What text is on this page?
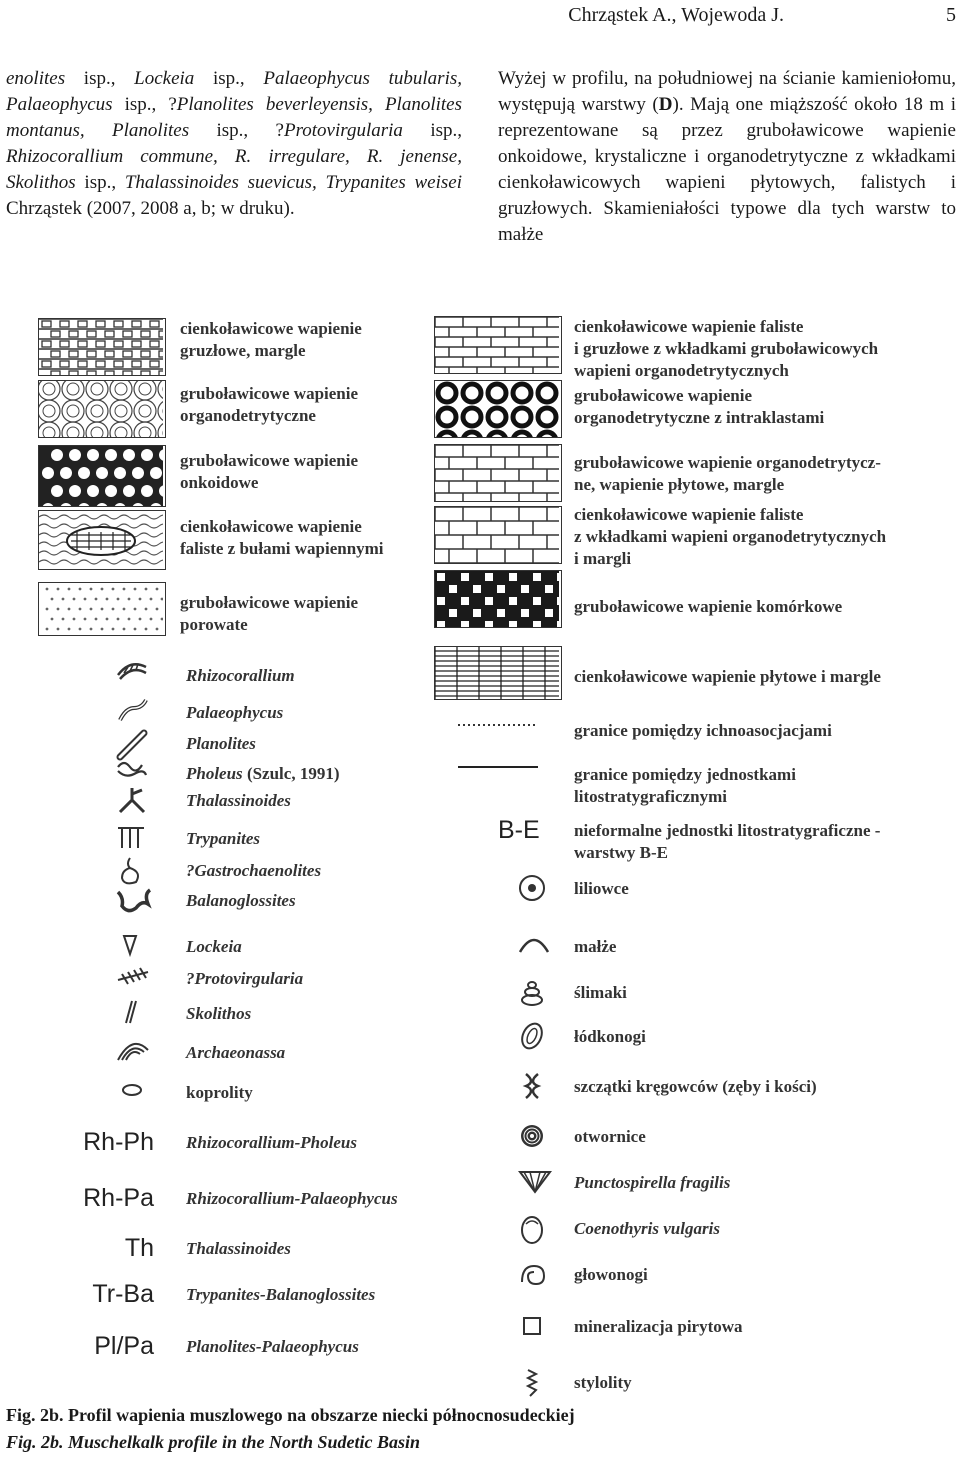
Chrząstek A., Wojewoda J.	5
enolites isp., Lockeia isp., Palaeophycus tubularis, Palaeophycus isp., ?Planolites beverleyensis, Planolites montanus, Planolites isp., ?Protovirgularia isp., Rhizocorallium commune, R. irregulare, R. jenense, Skolithos isp., Thalassinoides suevicus, Trypanites weisei Chrząstek (2007, 2008 a, b; w druku).
Wyżej w profilu, na południowej na ścianie kamieniołomu, występują warstwy (D). Mają one miąższość około 18 m i reprezentowane są przez gruboławicowe wapienie onkoidowe, krystaliczne i organodetrytyczne z wkładkami cienkoławicowych wapieni płytowych, falistych i gruzłowych. Skamieniałości typowe dla tych warstw to małże
cienkoławicowe wapienie
gruzłowe, margle
gruboławicowe wapienie
organodetrytyczne
gruboławicowe wapienie
onkoidowe
cienkoławicowe wapienie
faliste z bułami wapiennymi
gruboławicowe wapienie
porowate
cienkoławicowe wapienie faliste
i gruzłowe z wkładkami gruboławicowych
wapieni organodetrytycznych
gruboławicowe wapienie
organodetrytyczne z intraklastami
gruboławicowe wapienie organodetrytycz-
ne, wapienie płytowe, margle
cienkoławicowe wapienie faliste
z wkładkami wapieni organodetrytycznych
i margli
gruboławicowe wapienie komórkowe
cienkoławicowe wapienie płytowe i margle
Rhizocorallium
Palaeophycus
Planolites
Pholeus (Szulc, 1991)
Thalassinoides
Trypanites
?Gastrochaenolites
Balanoglossites
Lockeia
?Protovirgularia
Skolithos
Archaeonassa
koprolity
Rh-Ph Rhizocorallium-Pholeus
Rh-Pa Rhizocorallium-Palaeophycus
Th Thalassinoides
Tr-Ba Trypanites-Balanoglossites
Pl/Pa Planolites-Palaeophycus
granice pomiędzy ichnoasocjacjami
granice pomiędzy jednostkami
litostratygraficznymi
B-E	nieformalne jednostki litostratygraficzne -
warstwy B-E
liliowce
małże
ślimaki
łódkonogi
szczątki kręgowców (zęby i kości)
otwornice
Punctospirella fragilis
Coenothyris vulgaris
głowonogi
mineralizacja pirytowa
stylolity
Fig. 2b. Profil wapienia muszlowego na obszarze niecki północnosudeckiej
Fig. 2b. Muschelkalk profile in the North Sudetic Basin
